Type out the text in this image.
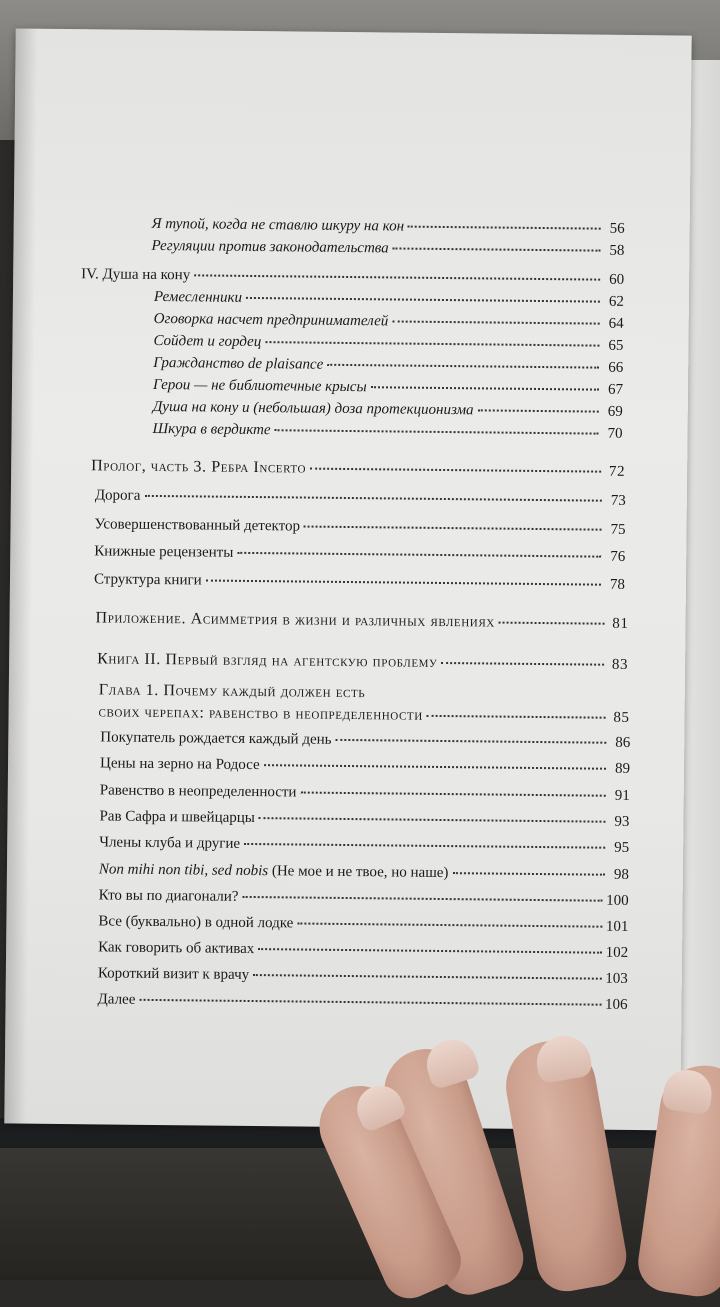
Я тупой, когда не ставлю шкуру на кон	56
Регуляции против законодательства	58
IV. Душа на кону	60
Ремесленники	62
Оговорка насчет предпринимателей	64
Сойдет и гордец	65
Гражданство de plaisance	66
Герои — не библиотечные крысы	67
Душа на кону и (небольшая) доза протекционизма	69
Шкура в вердикте	70
Пролог, часть 3. Ребра Incerto	72
Дорога	73
Усовершенствованный детектор	75
Книжные рецензенты	76
Структура книги	78
Приложение. Асимметрия в жизни и различных явлениях	81
Книга II. Первый взгляд на агентскую проблему	83
Глава 1. Почему каждый должен есть
своих черепах: равенство в неопределенности	85
Покупатель рождается каждый день	86
Цены на зерно на Родосе	89
Равенство в неопределенности	91
Рав Сафра и швейцарцы	93
Члены клуба и другие	95
Non mihi non tibi, sed nobis (Не мое и не твое, но наше)	98
Кто вы по диагонали?	100
Все (буквально) в одной лодке	101
Как говорить об активах	102
Короткий визит к врачу	103
Далее	106
